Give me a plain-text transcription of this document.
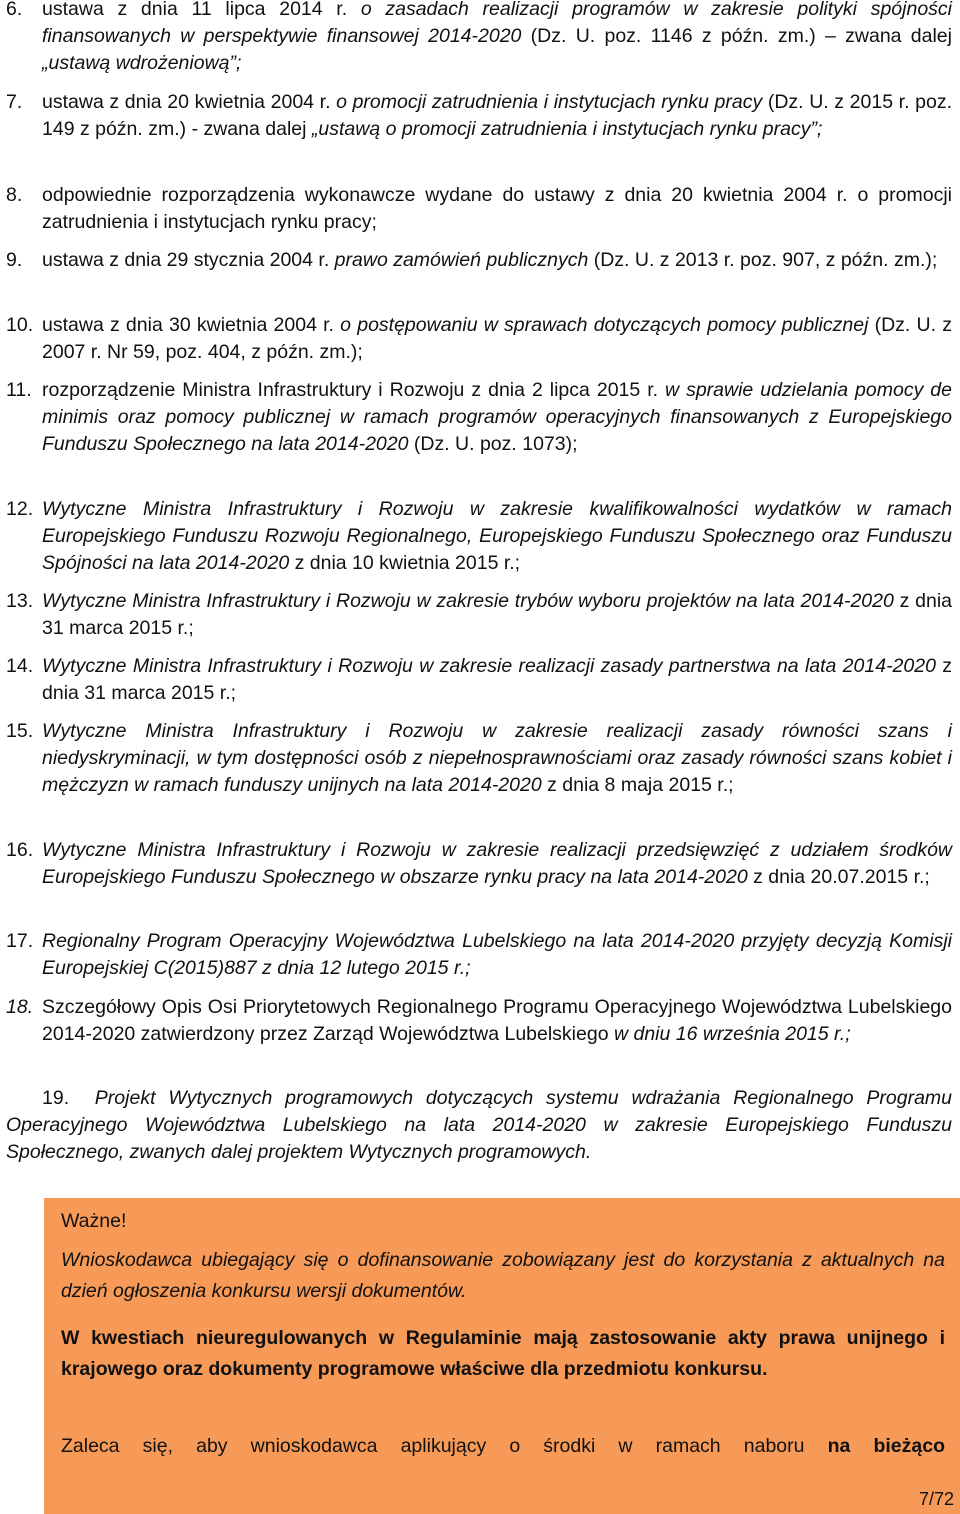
6. ustawa z dnia 11 lipca 2014 r. o zasadach realizacji programów w zakresie polityki spójności finansowanych w perspektywie finansowej 2014-2020 (Dz. U. poz. 1146 z późn. zm.) – zwana dalej „ustawą wdrożeniową”;
7. ustawa z dnia 20 kwietnia 2004 r. o promocji zatrudnienia i instytucjach rynku pracy (Dz. U. z 2015 r. poz. 149 z późn. zm.) - zwana dalej „ustawą o promocji zatrudnienia i instytucjach rynku pracy”;
8. odpowiednie rozporządzenia wykonawcze wydane do ustawy z dnia 20 kwietnia 2004 r. o promocji zatrudnienia i instytucjach rynku pracy;
9. ustawa z dnia 29 stycznia 2004 r. prawo zamówień publicznych (Dz. U. z 2013 r. poz. 907, z późn. zm.);
10. ustawa z dnia 30 kwietnia 2004 r. o postępowaniu w sprawach dotyczących pomocy publicznej (Dz. U. z 2007 r. Nr 59, poz. 404, z późn. zm.);
11. rozporządzenie Ministra Infrastruktury i Rozwoju z dnia 2 lipca 2015 r. w sprawie udzielania pomocy de minimis oraz pomocy publicznej w ramach programów operacyjnych finansowanych z Europejskiego Funduszu Społecznego na lata 2014-2020 (Dz. U. poz. 1073);
12. Wytyczne Ministra Infrastruktury i Rozwoju w zakresie kwalifikowalności wydatków w ramach Europejskiego Funduszu Rozwoju Regionalnego, Europejskiego Funduszu Społecznego oraz Funduszu Spójności na lata 2014-2020 z dnia 10 kwietnia 2015 r.;
13. Wytyczne Ministra Infrastruktury i Rozwoju w zakresie trybów wyboru projektów na lata 2014-2020 z dnia 31 marca 2015 r.;
14. Wytyczne Ministra Infrastruktury i Rozwoju w zakresie realizacji zasady partnerstwa na lata 2014-2020 z dnia 31 marca 2015 r.;
15. Wytyczne Ministra Infrastruktury i Rozwoju w zakresie realizacji zasady równości szans i niedyskryminacji, w tym dostępności osób z niepełnosprawnościami oraz zasady równości szans kobiet i mężczyzn w ramach funduszy unijnych na lata 2014-2020 z dnia 8 maja 2015 r.;
16. Wytyczne Ministra Infrastruktury i Rozwoju w zakresie realizacji przedsięwzięć z udziałem środków Europejskiego Funduszu Społecznego w obszarze rynku pracy na lata 2014-2020 z dnia 20.07.2015 r.;
17. Regionalny Program Operacyjny Województwa Lubelskiego na lata 2014-2020 przyjęty decyzją Komisji Europejskiej C(2015)887 z dnia 12 lutego 2015 r.;
18. Szczegółowy Opis Osi Priorytetowych Regionalnego Programu Operacyjnego Województwa Lubelskiego 2014-2020 zatwierdzony przez Zarząd Województwa Lubelskiego w dniu 16 września 2015 r.;
19. Projekt Wytycznych programowych dotyczących systemu wdrażania Regionalnego Programu Operacyjnego Województwa Lubelskiego na lata 2014-2020 w zakresie Europejskiego Funduszu Społecznego, zwanych dalej projektem Wytycznych programowych.

Ważne!

Wnioskodawca ubiegający się o dofinansowanie zobowiązany jest do korzystania z aktualnych na dzień ogłoszenia konkursu wersji dokumentów.

W kwestiach nieuregulowanych w Regulaminie mają zastosowanie akty prawa unijnego i krajowego oraz dokumenty programowe właściwe dla przedmiotu konkursu.

Zaleca się, aby wnioskodawca aplikujący o środki w ramach naboru na bieżąco

7/72
